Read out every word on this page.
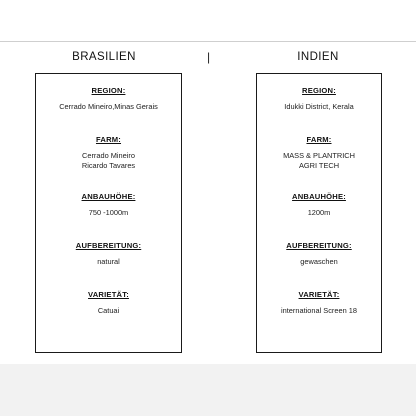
BRASILIEN	|	INDIEN
REGION:
Cerrado Mineiro,Minas Gerais
FARM:
Cerrado Mineiro
Ricardo Tavares
ANBAUHÖHE:
750 -1000m
AUFBEREITUNG:
natural
VARIETÄT:
Catuai
REGION:
Idukki District, Kerala
FARM:
MASS & PLANTRICH
AGRI TECH
ANBAUHÖHE:
1200m
AUFBEREITUNG:
gewaschen
VARIETÄT:
international Screen 18
